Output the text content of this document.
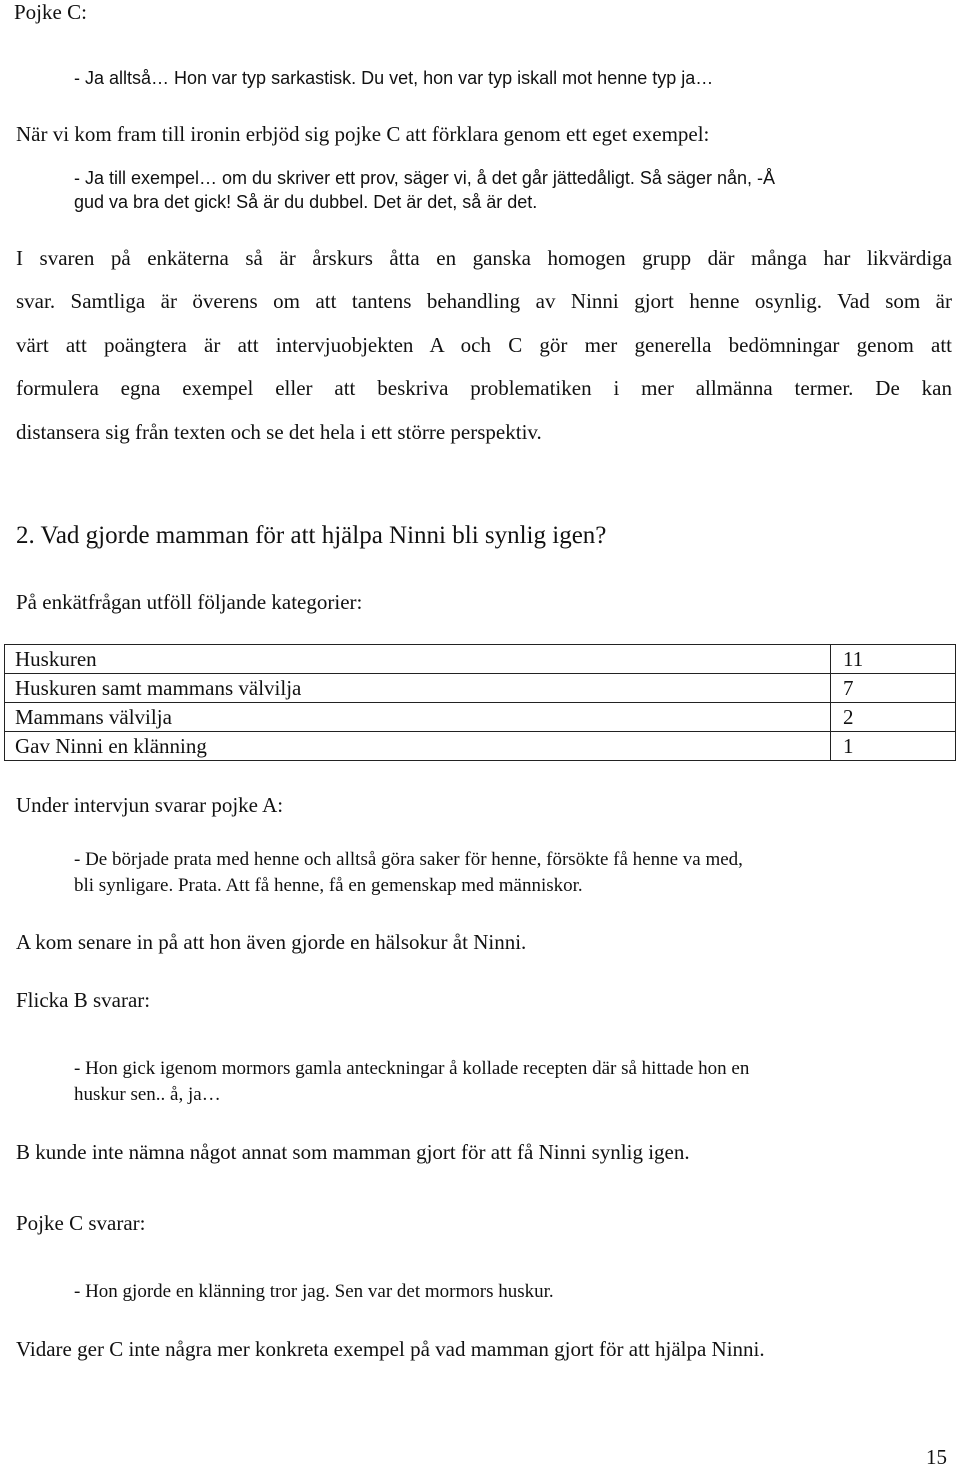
Pojke C:

- Ja alltså… Hon var typ sarkastisk. Du vet, hon var typ iskall mot henne typ ja…

När vi kom fram till ironin erbjöd sig pojke C att förklara genom ett eget exempel:

- Ja till exempel… om du skriver ett prov, säger vi, å det går jättedåligt. Så säger nån, -Å

gud va bra det gick! Så är du dubbel. Det är det, så är det.

I svaren på enkäterna så är årskurs åtta en ganska homogen grupp där många har likvärdiga
svar. Samtliga är överens om att tantens behandling av Ninni gjort henne osynlig. Vad som är
värt att poängtera är att intervjuobjekten A och C gör mer generella bedömningar genom att
formulera egna exempel eller att beskriva problematiken i mer allmänna termer. De kan
distansera sig från texten och se det hela i ett större perspektiv.

2. Vad gjorde mamman för att hjälpa Ninni bli synlig igen?

På enkätfrågan utföll följande kategorier:

Huskuren	11
Huskuren samt mammans välvilja	7
Mammans välvilja	2
Gav Ninni en klänning	1

Under intervjun svarar pojke A:

- De började prata med henne och alltså göra saker för henne, försökte få henne va med,

bli synligare. Prata. Att få henne, få en gemenskap med människor.

A kom senare in på att hon även gjorde en hälsokur åt Ninni.

Flicka B svarar:

- Hon gick igenom mormors gamla anteckningar å kollade recepten där så hittade hon en

huskur sen.. å, ja…

B kunde inte nämna något annat som mamman gjort för att få Ninni synlig igen.

Pojke C svarar:

- Hon gjorde en klänning tror jag. Sen var det mormors huskur.

Vidare ger C inte några mer konkreta exempel på vad mamman gjort för att hjälpa Ninni.

15
